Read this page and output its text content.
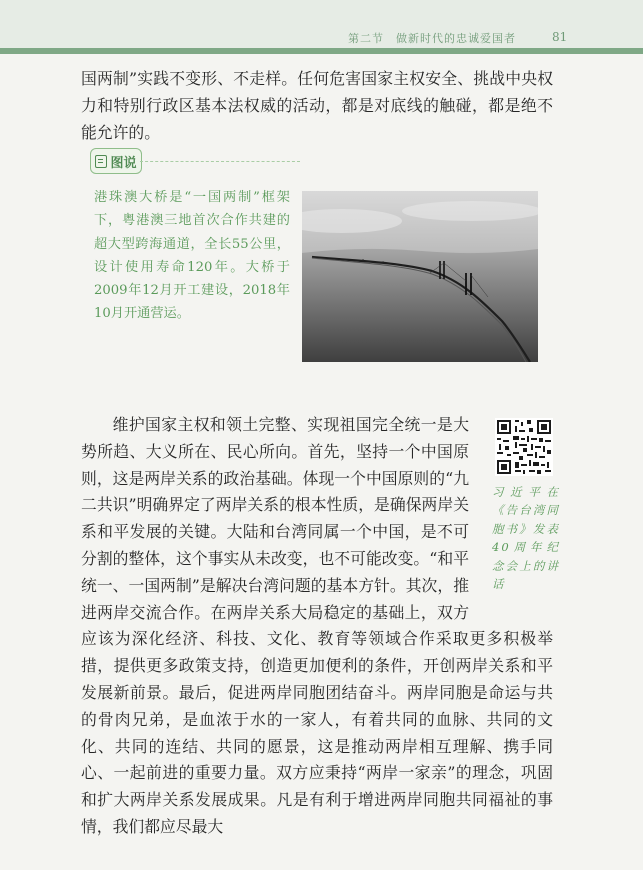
第二节　做新时代的忠诚爱国者	81

国两制”实践不变形、不走样。任何危害国家主权安全、挑战中央权力和特别行政区基本法权威的活动，都是对底线的触碰，都是绝不能允许的。

图说

港珠澳大桥是“一国两制”框架下，粤港澳三地首次合作共建的超大型跨海通道，全长55公里，设计使用寿命120年。大桥于2009年12月开工建设，2018年10月开通营运。

习近平在《告台湾同胞书》发表40周年纪念会上的讲话

维护国家主权和领土完整、实现祖国完全统一是大势所趋、大义所在、民心所向。首先，坚持一个中国原则，这是两岸关系的政治基础。体现一个中国原则的“九二共识”明确界定了两岸关系的根本性质，是确保两岸关系和平发展的关键。大陆和台湾同属一个中国，是不可分割的整体，这个事实从未改变，也不可能改变。“和平统一、一国两制”是解决台湾问题的基本方针。其次，推进两岸交流合作。在两岸关系大局稳定的基础上，双方应该为深化经济、科技、文化、教育等领域合作采取更多积极举措，提供更多政策支持，创造更加便利的条件，开创两岸关系和平发展新前景。最后，促进两岸同胞团结奋斗。两岸同胞是命运与共的骨肉兄弟，是血浓于水的一家人，有着共同的血脉、共同的文化、共同的连结、共同的愿景，这是推动两岸相互理解、携手同心、一起前进的重要力量。双方应秉持“两岸一家亲”的理念，巩固和扩大两岸关系发展成果。凡是有利于增进两岸同胞共同福祉的事情，我们都应尽最大
